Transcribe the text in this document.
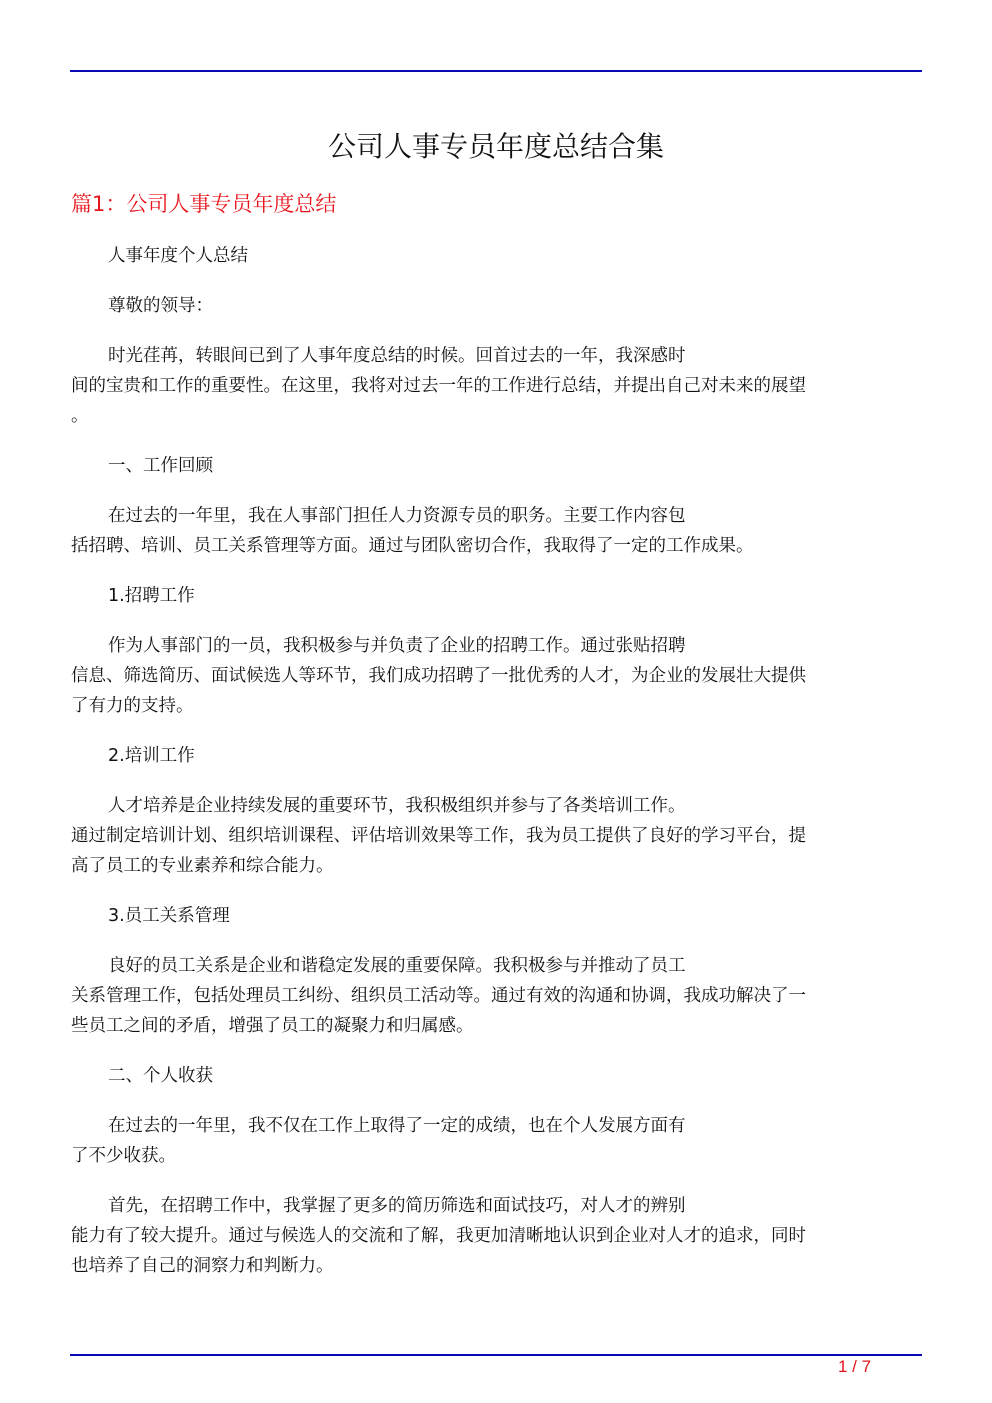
公司人事专员年度总结合集
篇1：公司人事专员年度总结
人事年度个人总结
尊敬的领导：
时光荏苒，转眼间已到了人事年度总结的时候。回首过去的一年，我深感时
间的宝贵和工作的重要性。在这里，我将对过去一年的工作进行总结，并提出自己对未来的展望
。
一、工作回顾
在过去的一年里，我在人事部门担任人力资源专员的职务。主要工作内容包
括招聘、培训、员工关系管理等方面。通过与团队密切合作，我取得了一定的工作成果。
1.招聘工作
作为人事部门的一员，我积极参与并负责了企业的招聘工作。通过张贴招聘
信息、筛选简历、面试候选人等环节，我们成功招聘了一批优秀的人才，为企业的发展壮大提供
了有力的支持。
2.培训工作
人才培养是企业持续发展的重要环节，我积极组织并参与了各类培训工作。
通过制定培训计划、组织培训课程、评估培训效果等工作，我为员工提供了良好的学习平台，提
高了员工的专业素养和综合能力。
3.员工关系管理
良好的员工关系是企业和谐稳定发展的重要保障。我积极参与并推动了员工
关系管理工作，包括处理员工纠纷、组织员工活动等。通过有效的沟通和协调，我成功解决了一
些员工之间的矛盾，增强了员工的凝聚力和归属感。
二、个人收获
在过去的一年里，我不仅在工作上取得了一定的成绩，也在个人发展方面有
了不少收获。
首先，在招聘工作中，我掌握了更多的简历筛选和面试技巧，对人才的辨别
能力有了较大提升。通过与候选人的交流和了解，我更加清晰地认识到企业对人才的追求，同时
也培养了自己的洞察力和判断力。
1 / 7
